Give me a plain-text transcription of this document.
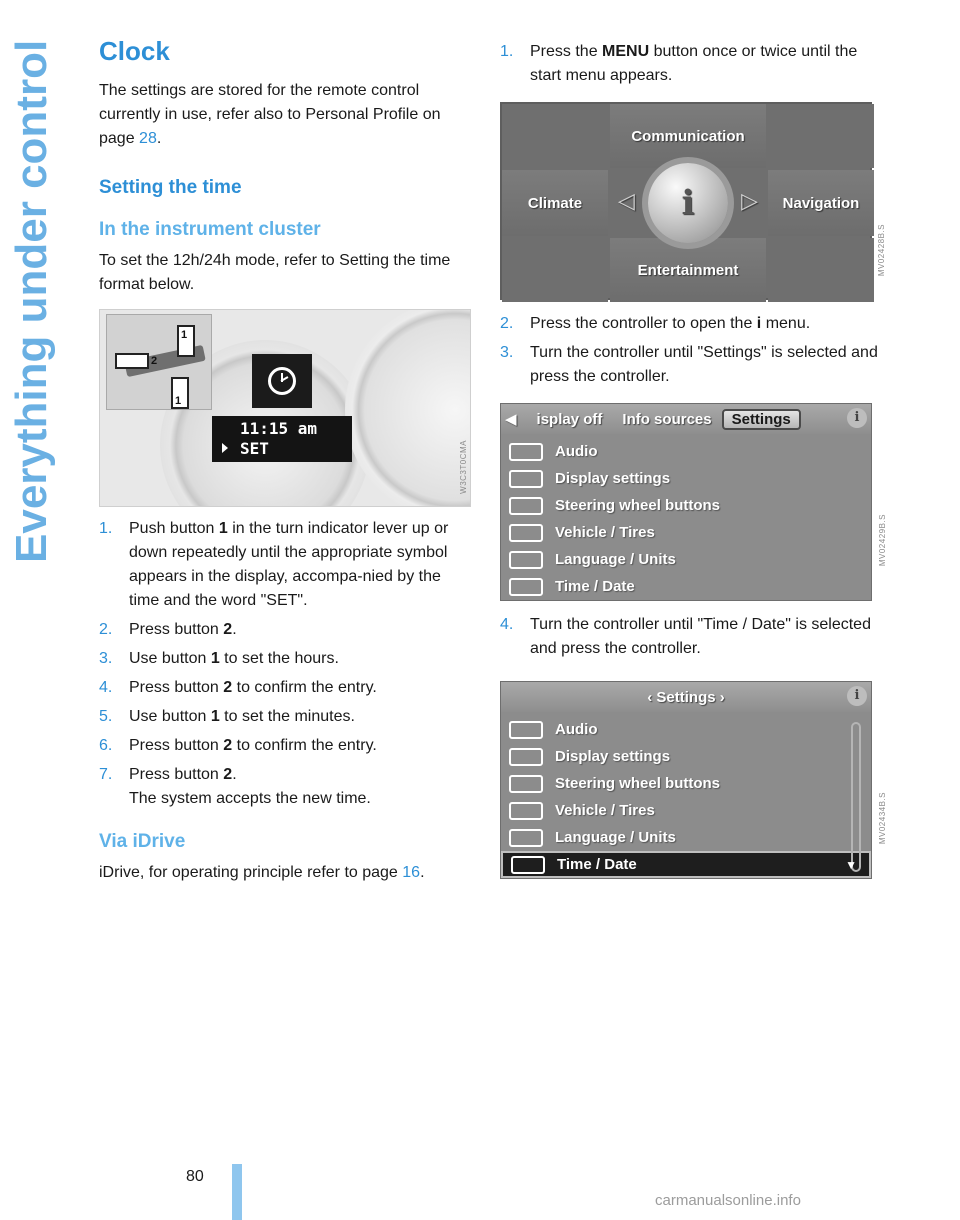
Everything under control Clock

The settings are stored for the remote control currently in use, refer also to Personal Profile on page 28.

Setting the time
In the instrument cluster

To set the 12h/24h mode, refer to Setting the time format below.

1
2
1
11:15 am
SET	W3C3T0CMA
1.	Push button 1 in the turn indicator lever up or down repeatedly until the appropriate symbol appears in the display, accompa-nied by the time and the word "SET".
2.	Press button 2.
3.	Use button 1 to set the hours.
4.	Press button 2 to confirm the entry.
5.	Use button 1 to set the minutes.
6.	Press button 2 to confirm the entry.
7.	Press button 2.
The system accepts the new time.
Via iDrive

iDrive, for operating principle refer to page 16.

1.	Press the MENU button once or twice until the start menu appears.
Communication
Climate	i
◁	▷	Navigation
Entertainment	MV02428B.S
2.	Press the controller to open the i menu.
3.	Turn the controller until "Settings" is selected and press the controller.
◀	isplay off	Info sources	Settings	i
Audio
Display settings
Steering wheel buttons
Vehicle / Tires
Language / Units
Time / Date
MV02429B.S
4.	Turn the controller until "Time / Date" is selected and press the controller.
‹ Settings ›	i
Audio
Display settings
Steering wheel buttons
Vehicle / Tires
Language / Units
Time / Date	▼
MV02434B.S
80
carmanualsonline.info
